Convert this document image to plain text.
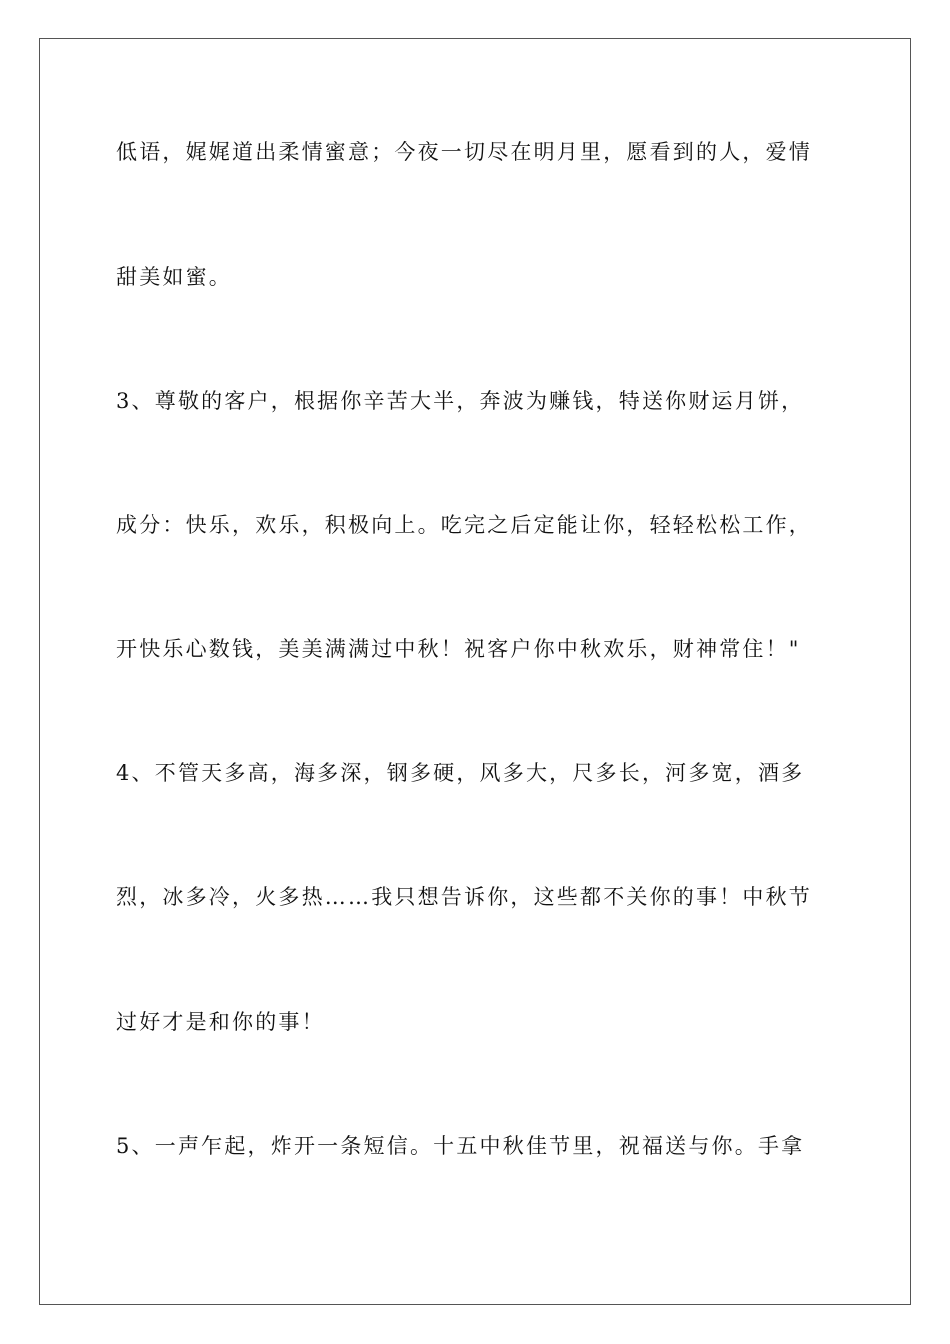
低语，娓娓道出柔情蜜意；今夜一切尽在明月里，愿看到的人，爱情
甜美如蜜。
3、尊敬的客户，根据你辛苦大半，奔波为赚钱，特送你财运月饼，
成分：快乐，欢乐，积极向上。吃完之后定能让你，轻轻松松工作，
开快乐心数钱，美美满满过中秋！祝客户你中秋欢乐，财神常住！"
4、不管天多高，海多深，钢多硬，风多大，尺多长，河多宽，酒多
烈，冰多冷，火多热……我只想告诉你，这些都不关你的事！中秋节
过好才是和你的事！
5、一声乍起，炸开一条短信。十五中秋佳节里，祝福送与你。手拿
